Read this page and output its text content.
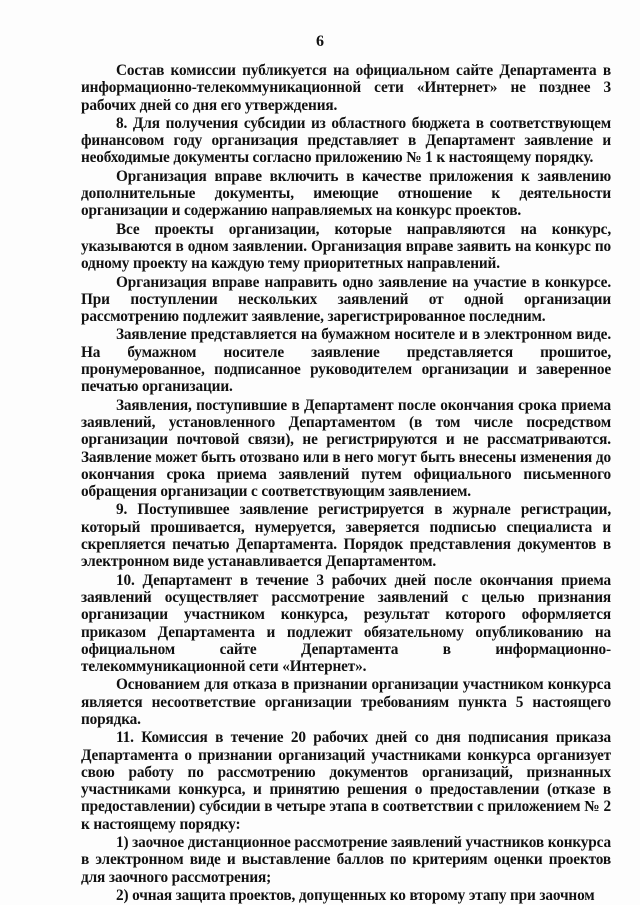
6

Состав комиссии публикуется на официальном сайте Департамента в информационно-телекоммуникационной сети «Интернет» не позднее 3 рабочих дней со дня его утверждения.

8. Для получения субсидии из областного бюджета в соответствующем финансовом году организация представляет в Департамент заявление и необходимые документы согласно приложению № 1 к настоящему порядку.

Организация вправе включить в качестве приложения к заявлению дополнительные документы, имеющие отношение к деятельности организации и содержанию направляемых на конкурс проектов.

Все проекты организации, которые направляются на конкурс, указываются в одном заявлении. Организация вправе заявить на конкурс по одному проекту на каждую тему приоритетных направлений.

Организация вправе направить одно заявление на участие в конкурсе. При поступлении нескольких заявлений от одной организации рассмотрению подлежит заявление, зарегистрированное последним.

Заявление представляется на бумажном носителе и в электронном виде. На бумажном носителе заявление представляется прошитое, пронумерованное, подписанное руководителем организации и заверенное печатью организации.

Заявления, поступившие в Департамент после окончания срока приема заявлений, установленного Департаментом (в том числе посредством организации почтовой связи), не регистрируются и не рассматриваются. Заявление может быть отозвано или в него могут быть внесены изменения до окончания срока приема заявлений путем официального письменного обращения организации с соответствующим заявлением.

9. Поступившее заявление регистрируется в журнале регистрации, который прошивается, нумеруется, заверяется подписью специалиста и скрепляется печатью Департамента. Порядок представления документов в электронном виде устанавливается Департаментом.

10. Департамент в течение 3 рабочих дней после окончания приема заявлений осуществляет рассмотрение заявлений с целью признания организации участником конкурса, результат которого оформляется приказом Департамента и подлежит обязательному опубликованию на официальном сайте Департамента в информационно-телекоммуникационной сети «Интернет».

Основанием для отказа в признании организации участником конкурса является несоответствие организации требованиям пункта 5 настоящего порядка.

11. Комиссия в течение 20 рабочих дней со дня подписания приказа Департамента о признании организаций участниками конкурса организует свою работу по рассмотрению документов организаций, признанных участниками конкурса, и принятию решения о предоставлении (отказе в предоставлении) субсидии в четыре этапа в соответствии с приложением № 2 к настоящему порядку:

1) заочное дистанционное рассмотрение заявлений участников конкурса в электронном виде и выставление баллов по критериям оценки проектов для заочного рассмотрения;

2) очная защита проектов, допущенных ко второму этапу при заочном
